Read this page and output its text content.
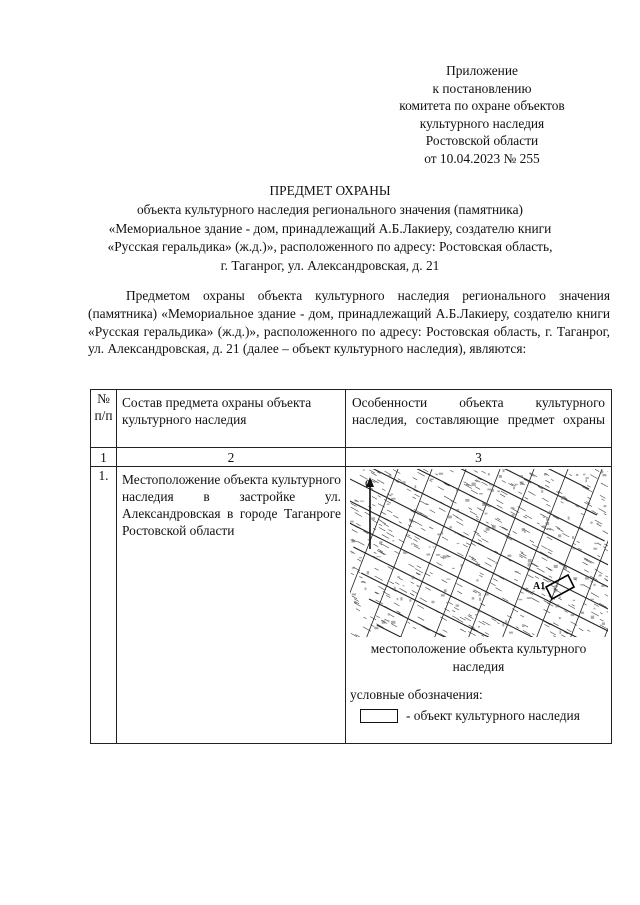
Приложение
к постановлению
комитета по охране объектов
культурного наследия
Ростовской области
от 10.04.2023 № 255
ПРЕДМЕТ ОХРАНЫ
объекта культурного наследия регионального значения (памятника)
«Мемориальное здание - дом, принадлежащий А.Б.Лакиеру, создателю книги
«Русская геральдика» (ж.д.)», расположенного по адресу: Ростовская область,
г. Таганрог, ул. Александровская, д. 21

Предметом охраны объекта культурного наследия регионального значения (памятника) «Мемориальное здание - дом, принадлежащий А.Б.Лакиеру, создателю книги «Русская геральдика» (ж.д.)», расположенного по адресу: Ростовская область, г. Таганрог, ул. Александровская, д. 21 (далее – объект культурного наследия), являются:

№ п/п	Состав предмета охраны объекта культурного наследия	Особенности объекта культурного наследия, составляющие предмет охраны
1	2	3
1.	Местоположение объекта культурного наследия в застройке ул. Александровская в городе Таганроге Ростовской области	С
А1
местоположение объекта культурного наследия
условные обозначения:
- объект культурного наследия
